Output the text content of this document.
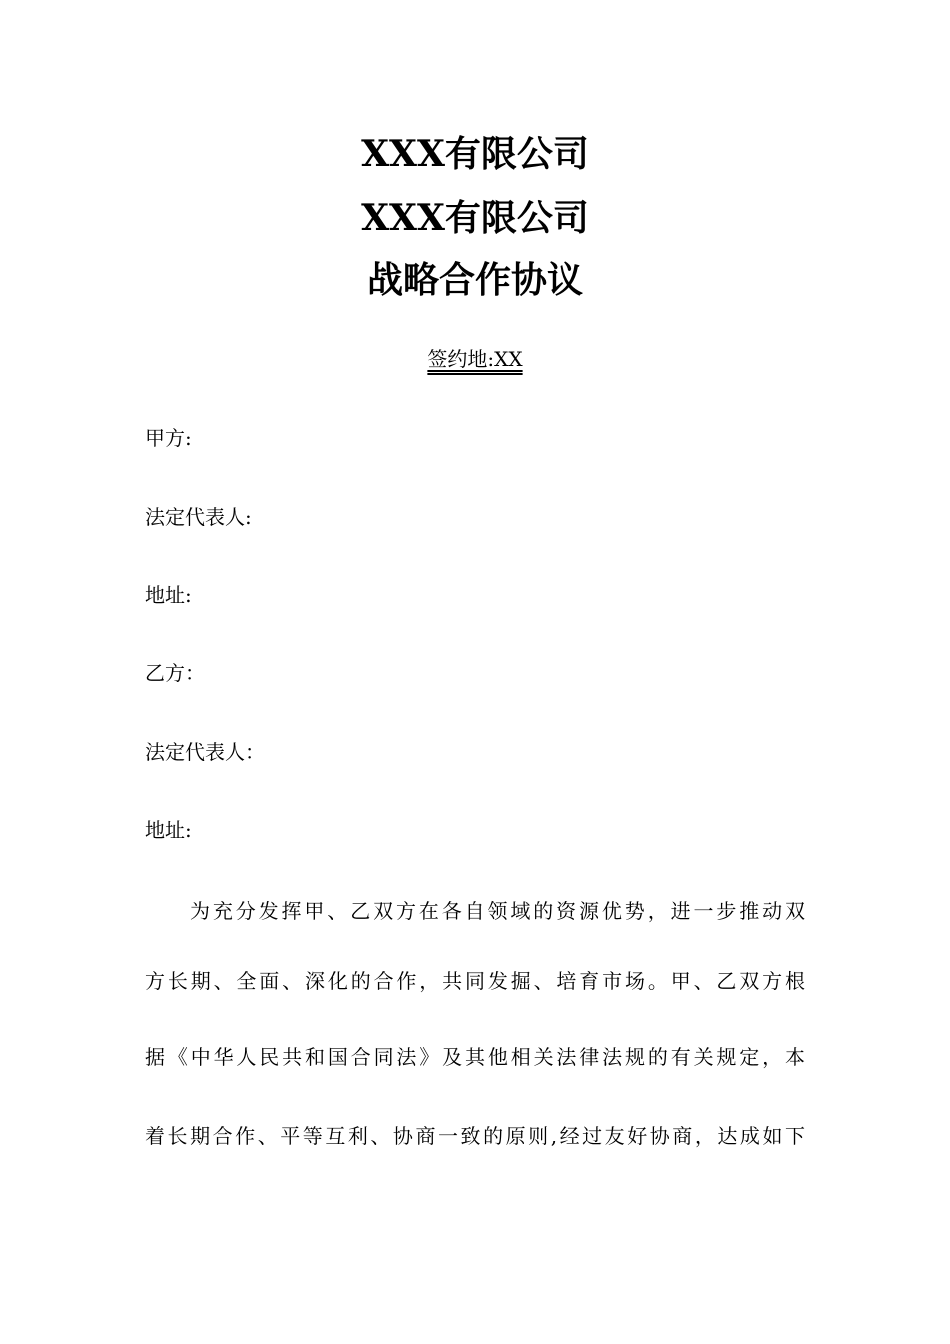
XXX有限公司
XXX有限公司
战略合作协议
签约地:XX
甲方:
法定代表人:
地址:
乙方：
法定代表人：
地址:
为充分发挥甲、乙双方在各自领域的资源优势，进一步推动双
方长期、全面、深化的合作，共同发掘、培育市场。甲、乙双方根
据《中华人民共和国合同法》及其他相关法律法规的有关规定，本
着长期合作、平等互利、协商一致的原则,经过友好协商，达成如下
